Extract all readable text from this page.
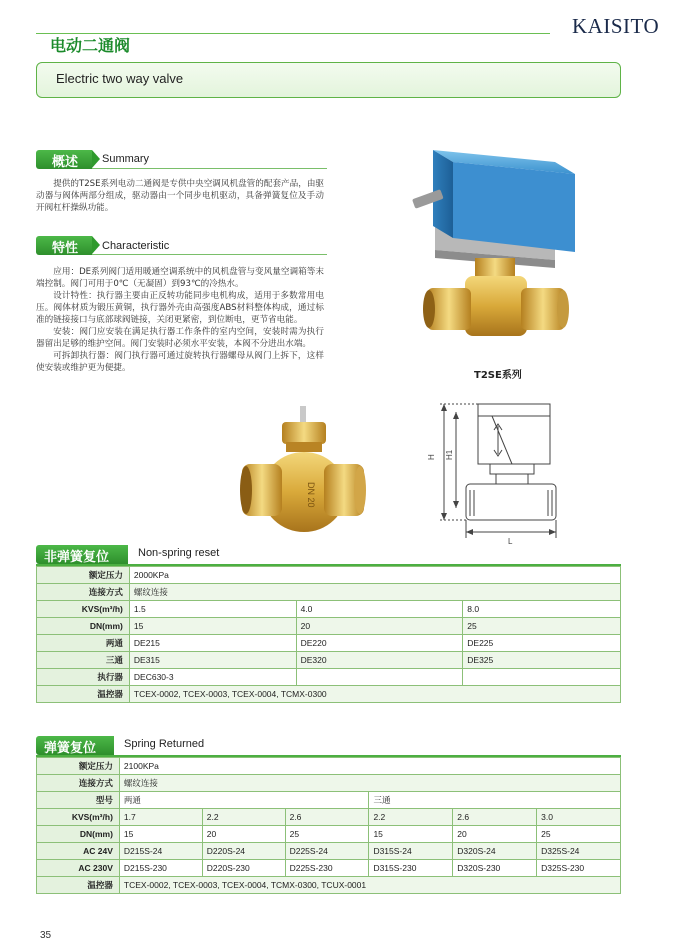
KAISITO
电动二通阀
Electric two way valve
概述	Summary

提供的T2SE系列电动二通阀是专供中央空调风机盘管的配套产品，由驱动器与阀体两部分组成，驱动器由一个同步电机驱动，具备弹簧复位及手动开阀杠杆操纵功能。

特性	Characteristic

应用：DE系列阀门适用暖通空调系统中的风机盘管与变风量空调箱等末端控制。阀门可用于0℃（无凝固）到93℃的冷热水。

设计特性：执行器主要由正反转功能同步电机构成，适用于多数常用电压。阀体材质为锻压黄铜，执行器外壳由高强度ABS材料整体构成，通过标准的链接接口与底部球阀链接，关闭更紧密，到位断电，更节省电能。

安装：阀门应安装在满足执行器工作条件的室内空间，安装时需为执行器留出足够的维护空间。阀门安装时必须水平安装，本阀不分进出水端。

可拆卸执行器：阀门执行器可通过旋转执行器螺母从阀门上拆下，这样使安装或维护更为便捷。

T2SE系列
H H1
L
DN 20
非弹簧复位	Non-spring reset
额定压力	2000KPa		
连接方式	螺纹连接		
KVS(m³/h)	1.5	4.0	8.0
DN(mm)	15	20	25
两通	DE215	DE220	DE225
三通	DE315	DE320	DE325
执行器	DEC630-3		
温控器	TCEX-0002, TCEX-0003, TCEX-0004, TCMX-0300		
弹簧复位	Spring Returned
额定压力	2100KPa					
连接方式	螺纹连接					
型号	两通			三通		
KVS(m³/h)	1.7	2.2	2.6	2.2	2.6	3.0
DN(mm)	15	20	25	15	20	25
AC 24V	D215S-24	D220S-24	D225S-24	D315S-24	D320S-24	D325S-24
AC 230V	D215S-230	D220S-230	D225S-230	D315S-230	D320S-230	D325S-230
温控器	TCEX-0002, TCEX-0003, TCEX-0004, TCMX-0300, TCUX-0001					
35
